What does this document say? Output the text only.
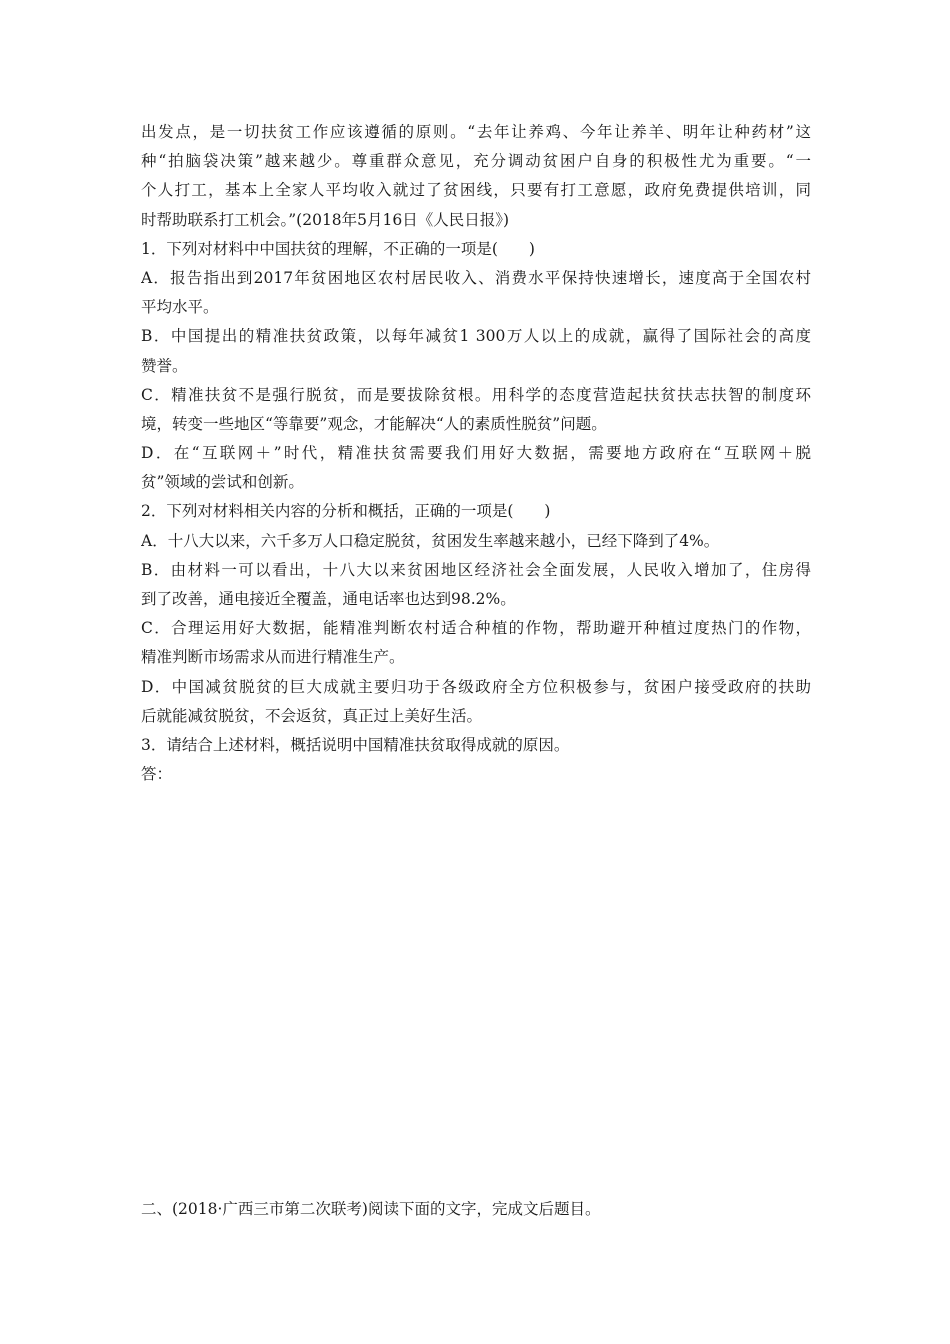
出发点，是一切扶贫工作应该遵循的原则。“去年让养鸡、今年让养羊、明年让种药材”这
种“拍脑袋决策”越来越少。尊重群众意见，充分调动贫困户自身的积极性尤为重要。“一
个人打工，基本上全家人平均收入就过了贫困线，只要有打工意愿，政府免费提供培训，同
时帮助联系打工机会。”(2018年5月16日《人民日报》)
1．下列对材料中中国扶贫的理解，不正确的一项是(　　)
A．报告指出到2017年贫困地区农村居民收入、消费水平保持快速增长，速度高于全国农村
平均水平。
B．中国提出的精准扶贫政策，以每年减贫1 300万人以上的成就，赢得了国际社会的高度
赞誉。
C．精准扶贫不是强行脱贫，而是要拔除贫根。用科学的态度营造起扶贫扶志扶智的制度环
境，转变一些地区“等靠要”观念，才能解决“人的素质性脱贫”问题。
D．在“互联网＋”时代，精准扶贫需要我们用好大数据，需要地方政府在“互联网＋脱
贫”领域的尝试和创新。
2．下列对材料相关内容的分析和概括，正确的一项是(　　)
A．十八大以来，六千多万人口稳定脱贫，贫困发生率越来越小，已经下降到了4%。
B．由材料一可以看出，十八大以来贫困地区经济社会全面发展，人民收入增加了，住房得
到了改善，通电接近全覆盖，通电话率也达到98.2%。
C．合理运用好大数据，能精准判断农村适合种植的作物，帮助避开种植过度热门的作物，
精准判断市场需求从而进行精准生产。
D．中国减贫脱贫的巨大成就主要归功于各级政府全方位积极参与，贫困户接受政府的扶助
后就能减贫脱贫，不会返贫，真正过上美好生活。
3．请结合上述材料，概括说明中国精准扶贫取得成就的原因。
答：
二、(2018·广西三市第二次联考)阅读下面的文字，完成文后题目。
